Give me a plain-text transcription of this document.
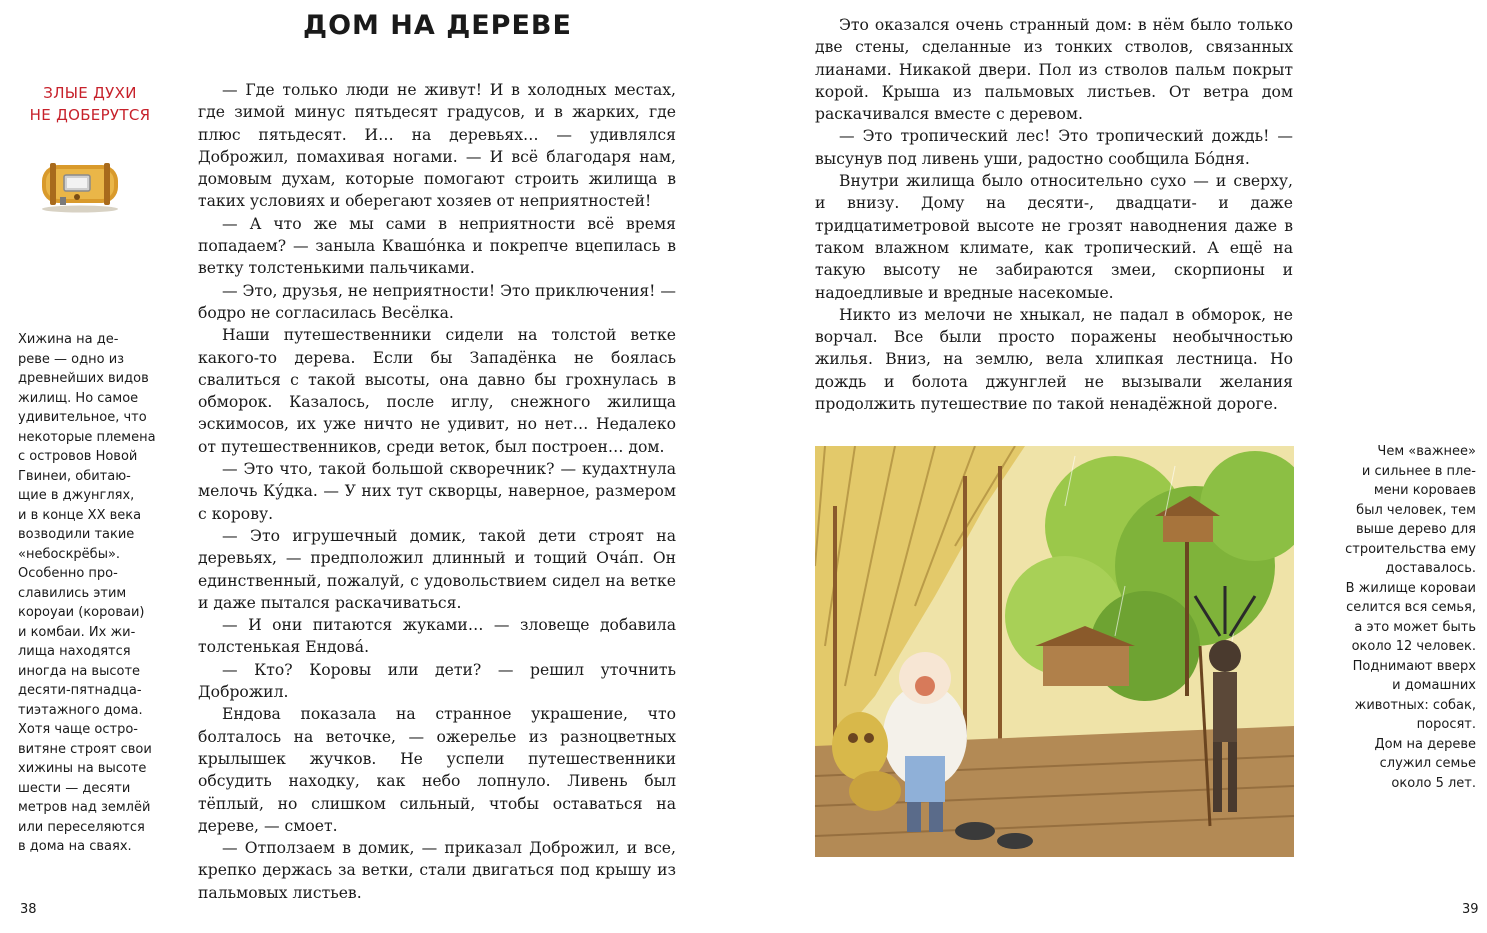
ДОМ НА ДЕРЕВЕ
ЗЛЫЕ ДУХИ
НЕ ДОБЕРУТСЯ

Хижина на де-
реве — одно из
древнейших видов
жилищ. Но самое
удивительное, что
некоторые племена
с островов Новой
Гвинеи, обитаю-
щие в джунглях,
и в конце XX века
возводили такие
«небоскрёбы».
Особенно про-
славились этим
короуаи (короваи)
и комбаи. Их жи-
лища находятся
иногда на высоте
десяти-пятнадца-
тиэтажного дома.
Хотя чаще остро-
витяне строят свои
хижины на высоте
шести — десяти
метров над землёй
или переселяются
в дома на сваях.

— Где только люди не живут! И в холодных местах, где зимой минус пятьдесят градусов, и в жарких, где плюс пятьдесят. И… на деревьях… — удивлялся Доброжил, помахивая ногами. — И всё благодаря нам, домовым духам, которые помогают строить жилища в таких условиях и оберегают хозяев от неприятностей!

— А что же мы сами в неприятности всё время попадаем? — заныла Квашо́нка и покрепче вцепилась в ветку толстенькими пальчиками.

— Это, друзья, не неприятности! Это приключения! — бодро не согласилась Весёлка.

Наши путешественники сидели на толстой ветке какого-то дерева. Если бы Западёнка не боялась свалиться с такой высоты, она давно бы грохнулась в обморок. Казалось, после иглу, снежного жилища эскимосов, их уже ничто не удивит, но нет… Недалеко от путешественников, среди веток, был построен… дом.

— Это что, такой большой скворечник? — кудахтнула мелочь Ку́дка. — У них тут скворцы, наверное, размером с корову.

— Это игрушечный домик, такой дети строят на деревьях, — предположил длинный и тощий Оча́п. Он единственный, пожалуй, с удовольствием сидел на ветке и даже пытался раскачиваться.

— И они питаются жуками… — зловеще добавила толстенькая Ендова́.

— Кто? Коровы или дети? — решил уточнить Доброжил.

Ендова показала на странное украшение, что болталось на веточке, — ожерелье из разноцветных крылышек жучков. Не успели путешественники обсудить находку, как небо лопнуло. Ливень был тёплый, но слишком сильный, чтобы оставаться на дереве, — смоет.

— Отползаем в домик, — приказал Доброжил, и все, крепко держась за ветки, стали двигаться под крышу из пальмовых листьев.

38

Это оказался очень странный дом: в нём было только две стены, сделанные из тонких стволов, связанных лианами. Никакой двери. Пол из стволов пальм покрыт корой. Крыша из пальмовых листьев. От ветра дом раскачивался вместе с деревом.

— Это тропический лес! Это тропический дождь! — высунув под ливень уши, радостно сообщила Бо́дня.

Внутри жилища было относительно сухо — и сверху, и внизу. Дому на десяти-, двадцати- и даже тридцатиметровой высоте не грозят наводнения даже в таком влажном климате, как тропический. А ещё на такую высоту не забираются змеи, скорпионы и надоедливые и вредные насекомые.

Никто из мелочи не хныкал, не падал в обморок, не ворчал. Все были просто поражены необычностью жилья. Вниз, на землю, вела хлипкая лестница. Но дождь и болота джунглей не вызывали желания продолжить путешествие по такой ненадёжной дороге.

Чем «важнее»
и сильнее в пле-
мени короваев
был человек, тем
выше дерево для
строительства ему
доставалось.
В жилище короваи
селится вся семья,
а это может быть
около 12 человек.
Поднимают вверх
и домашних
животных: собак,
поросят.
Дом на дереве
служил семье
около 5 лет.

39
